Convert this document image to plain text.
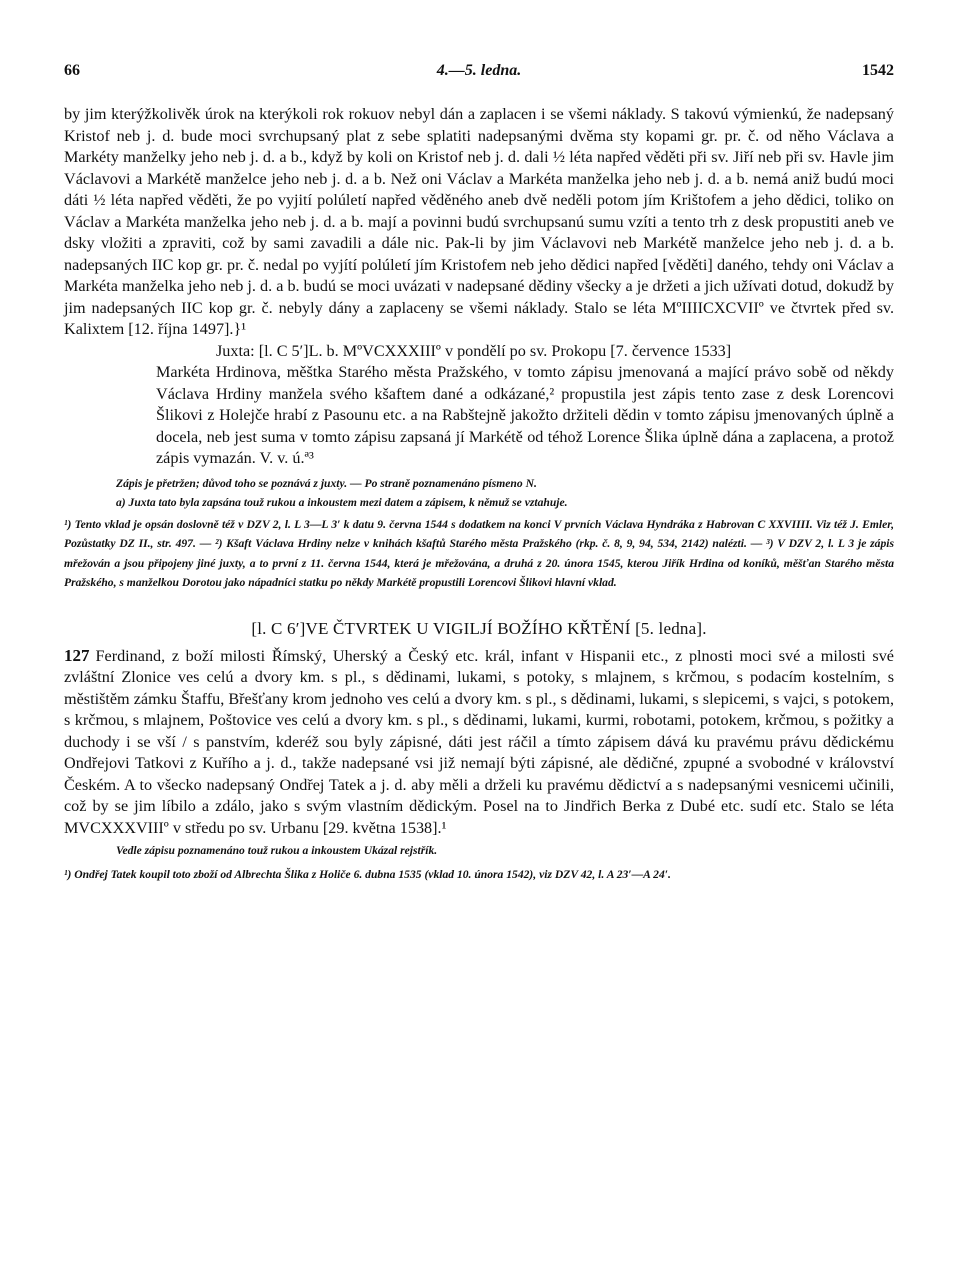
66	4.—5. ledna.	1542

by jim kterýžkolivěk úrok na kterýkoli rok rokuov nebyl dán a zaplacen i se všemi náklady. S takovú výmienkú, že nadepsaný Kristof neb j. d. bude moci svrchupsaný plat z sebe splatiti nadepsanými dvěma sty kopami gr. pr. č. od něho Václava a Markéty manželky jeho neb j. d. a b., když by koli on Kristof neb j. d. dali ½ léta napřed věděti při sv. Jiří neb při sv. Havle jim Václavovi a Markétě manželce jeho neb j. d. a b. Než oni Václav a Markéta manželka jeho neb j. d. a b. nemá aniž budú moci dáti ½ léta napřed věděti, že po vyjití polúletí napřed věděného aneb dvě neděli potom jím Krištofem a jeho dědici, toliko on Václav a Markéta manželka jeho neb j. d. a b. mají a povinni budú svrchupsanú sumu vzíti a tento trh z desk propustiti aneb ve dsky vložiti a zpraviti, což by sami zavadili a dále nic. Pak-li by jim Václavovi neb Markétě manželce jeho neb j. d. a b. nadepsaných IIC kop gr. pr. č. nedal po vyjítí polúletí jím Kristofem neb jeho dědici napřed [věděti] daného, tehdy oni Václav a Markéta manželka jeho neb j. d. a b. budú se moci uvázati v nadepsané dědiny všecky a je držeti a jich užívati dotud, dokudž by jim nadepsaných IIC kop gr. č. nebyly dány a zaplaceny se všemi náklady. Stalo se léta MºIIIICXCVIIº ve čtvrtek před sv. Kalixtem [12. října 1497].}¹

Juxta: [l. C 5′]L. b. MºVCXXXIIIº v pondělí po sv. Prokopu [7. července 1533]

Markéta Hrdinova, měštka Starého města Pražského, v tomto zápisu jmenovaná a mající právo sobě od někdy Václava Hrdiny manžela svého kšaftem dané a odkázané,² propustila jest zápis tento zase z desk Lorencovi Šlikovi z Holejče hrabí z Pasounu etc. a na Rabštejně jakožto držiteli dědin v tomto zápisu jmenovaných úplně a docela, neb jest suma v tomto zápisu zapsaná jí Markétě od téhož Lorence Šlika úplně dána a zaplacena, a protož zápis vymazán. V. v. ú.ª³

Zápis je přetržen; důvod toho se poznává z juxty. — Po straně poznamenáno písmeno N.

a) Juxta tato byla zapsána touž rukou a inkoustem mezi datem a zápisem, k němuž se vztahuje.

¹) Tento vklad je opsán doslovně též v DZV 2, l. L 3—L 3′ k datu 9. června 1544 s dodatkem na konci V prvních Václava Hyndráka z Habrovan C XXVIIII. Viz též J. Emler, Pozůstatky DZ II., str. 497. — ²) Kšaft Václava Hrdiny nelze v knihách kšaftů Starého města Pražského (rkp. č. 8, 9, 94, 534, 2142) nalézti. — ³) V DZV 2, l. L 3 je zápis mřežován a jsou připojeny jiné juxty, a to první z 11. června 1544, která je mřežována, a druhá z 20. února 1545, kterou Jiřík Hrdina od koníků, měšťan Starého města Pražského, s manželkou Dorotou jako nápadníci statku po někdy Markétě propustili Lorencovi Šlikovi hlavní vklad.

[l. C 6′]VE ČTVRTEK U VIGILJÍ BOŽÍHO KŘTĚNÍ [5. ledna].

127 Ferdinand, z boží milosti Římský, Uherský a Český etc. král, infant v Hispanii etc., z plnosti moci své a milosti své zvláštní Zlonice ves celú a dvory km. s pl., s dědinami, lukami, s potoky, s mlajnem, s krčmou, s podacím kostelním, s městištěm zámku Štaffu, Břešťany krom jednoho ves celú a dvory km. s pl., s dědinami, lukami, s slepicemi, s vajci, s potokem, s krčmou, s mlajnem, Poštovice ves celú a dvory km. s pl., s dědinami, lukami, kurmi, robotami, potokem, krčmou, s požitky a duchody i se vší / s panstvím, kderéž sou byly zápisné, dáti jest ráčil a tímto zápisem dává ku pravému právu dědickému Ondřejovi Tatkovi z Kuřího a j. d., takže nadepsané vsi již nemají býti zápisné, ale dědičné, zpupné a svobodné v království Českém. A to všecko nadepsaný Ondřej Tatek a j. d. aby měli a drželi ku pravému dědictví a s nadepsanými vesnicemi učinili, což by se jim líbilo a zdálo, jako s svým vlastním dědickým. Posel na to Jindřich Berka z Dubé etc. sudí etc. Stalo se léta MVCXXXVIIIº v středu po sv. Urbanu [29. května 1538].¹

Vedle zápisu poznamenáno touž rukou a inkoustem Ukázal rejstřík.

¹) Ondřej Tatek koupil toto zboží od Albrechta Šlika z Holiče 6. dubna 1535 (vklad 10. února 1542), viz DZV 42, l. A 23′—A 24′.
